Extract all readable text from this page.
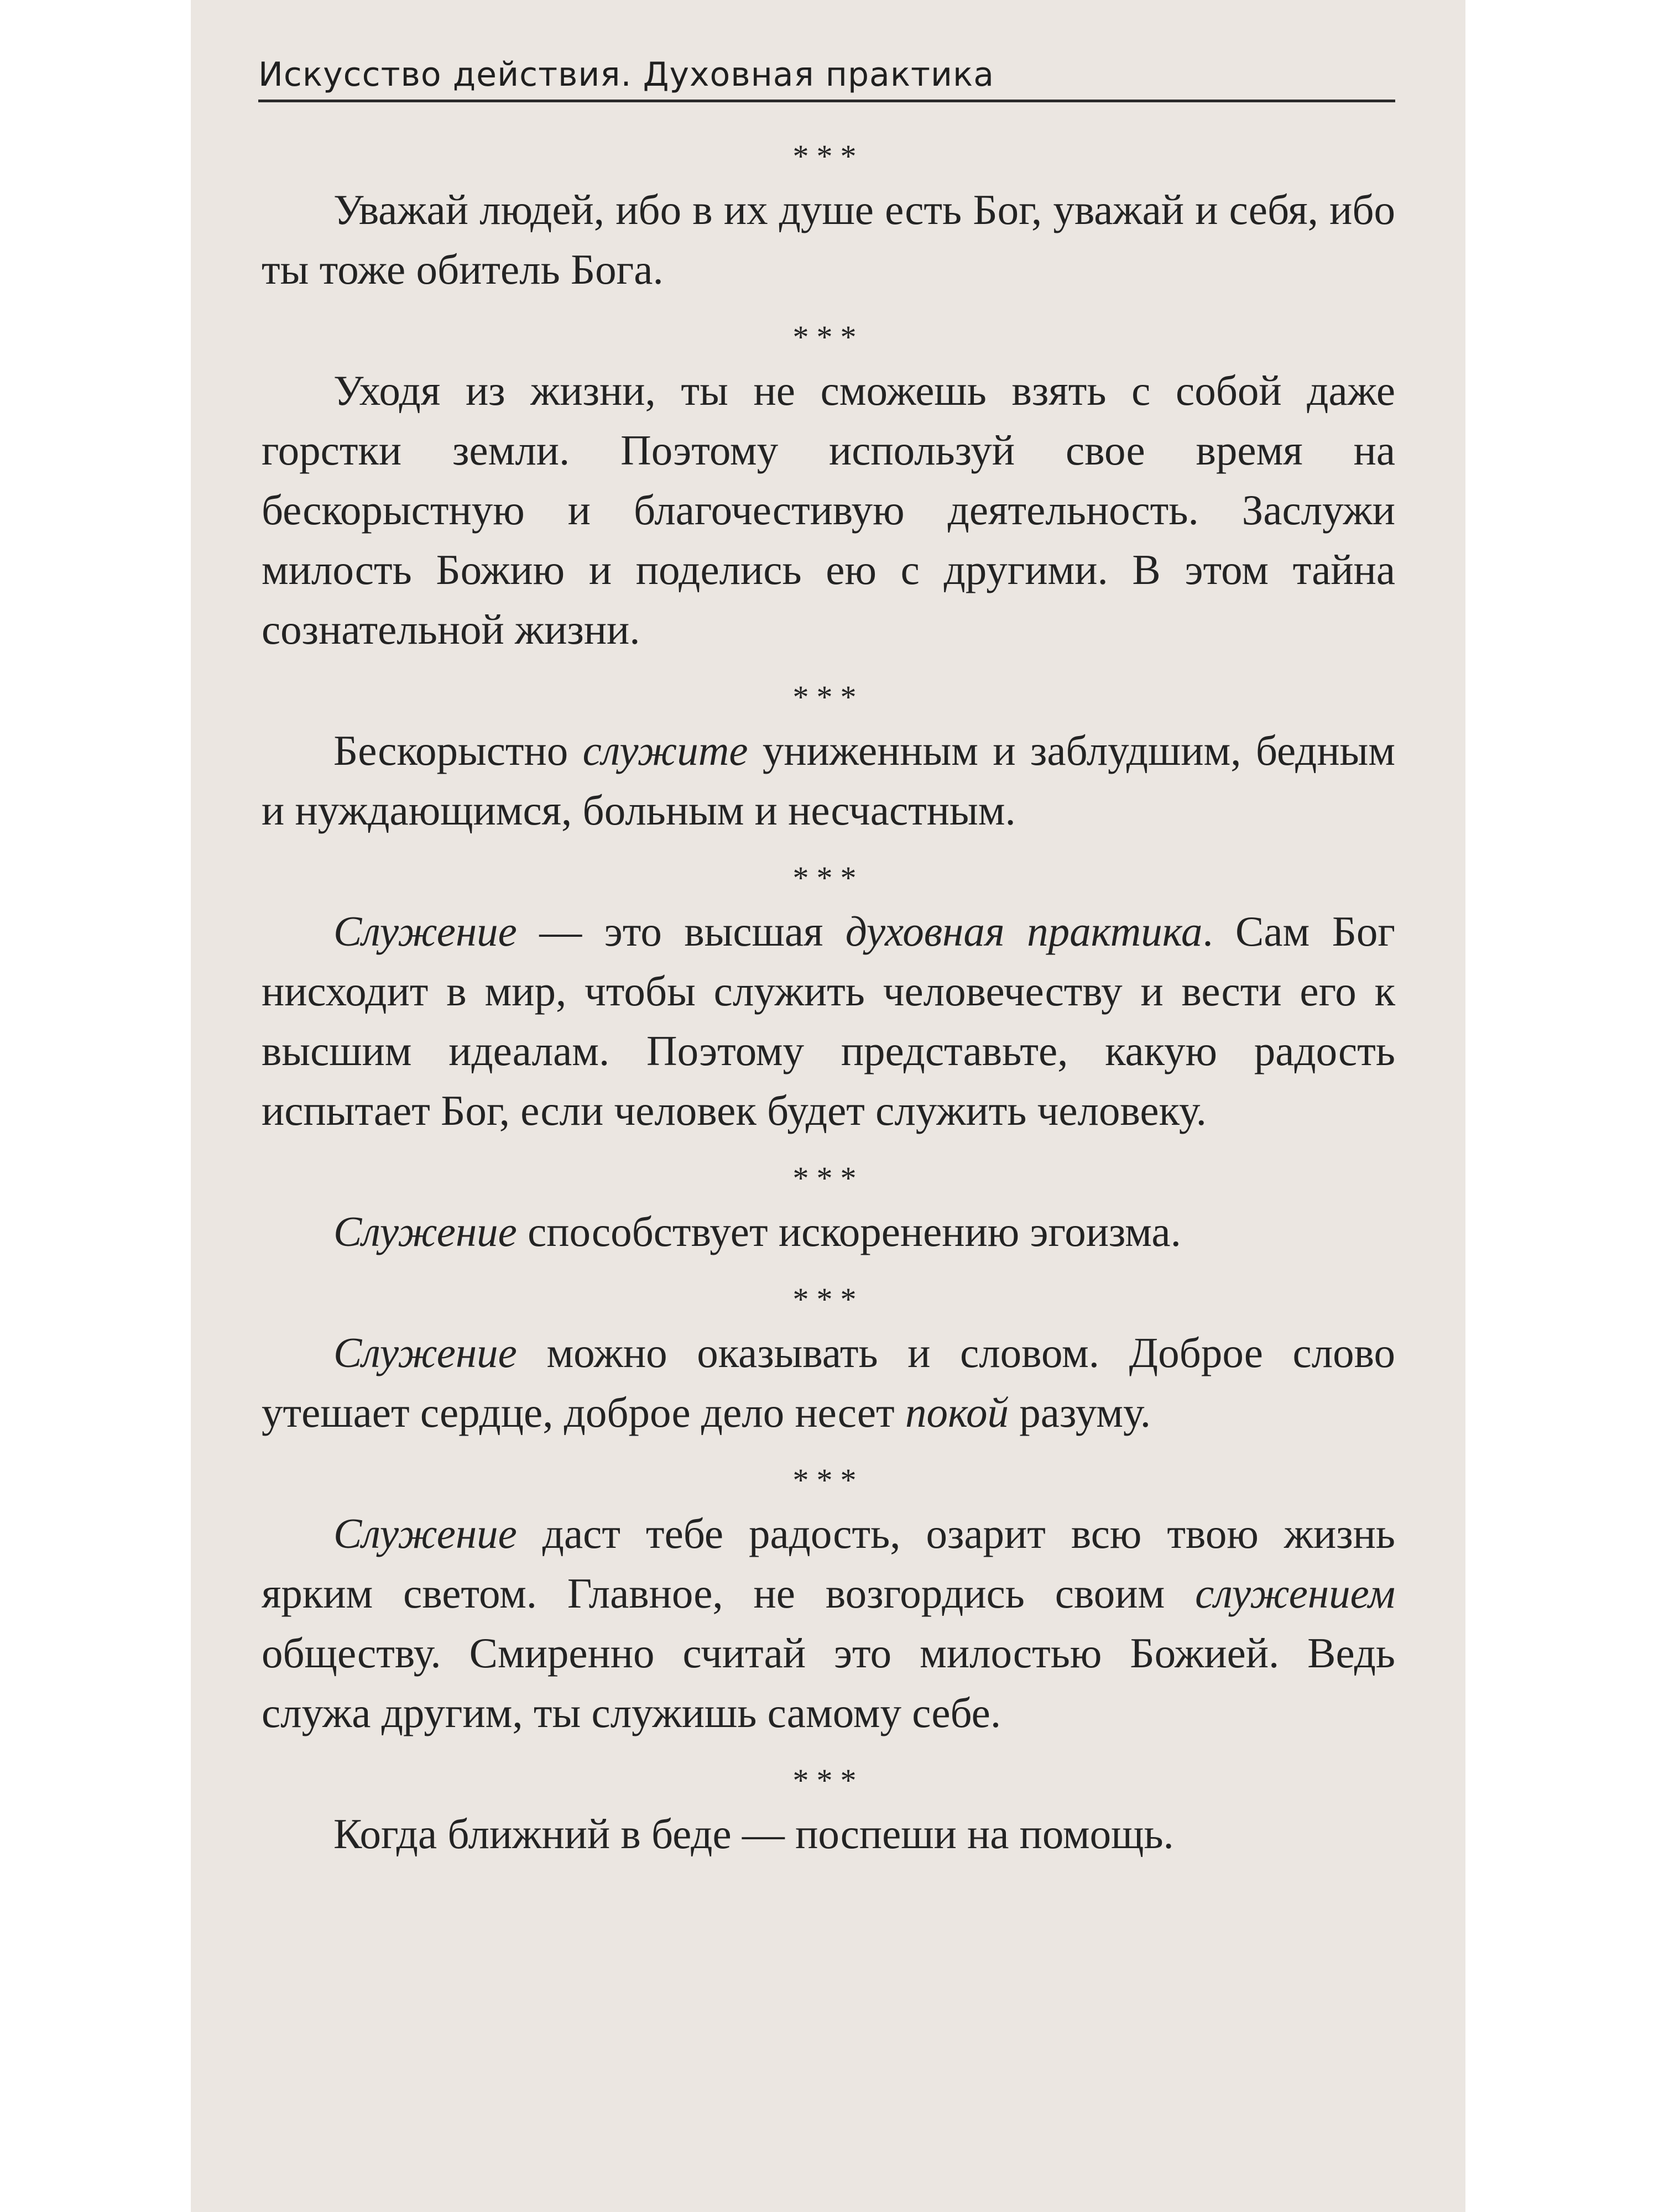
Искусство действия. Духовная практика
***

Уважай людей, ибо в их душе есть Бог, уважай и себя, ибо ты тоже обитель Бога.

***

Уходя из жизни, ты не сможешь взять с собой даже горстки земли. Поэтому используй свое время на бескорыстную и благочестивую деятельность. Заслужи милость Божию и поделись ею с другими. В этом тайна сознательной жизни.

***

Бескорыстно служите униженным и заблудшим, бедным и нуждающимся, больным и несчастным.

***

Служение — это высшая духовная практика. Сам Бог нисходит в мир, чтобы служить человечеству и вести его к высшим идеалам. Поэтому представьте, какую радость испытает Бог, если человек будет служить человеку.

***

Служение способствует искоренению эгоизма.

***

Служение можно оказывать и словом. Доброе слово утешает сердце, доброе дело несет покой разуму.

***

Служение даст тебе радость, озарит всю твою жизнь ярким светом. Главное, не возгордись своим служением обществу. Смиренно считай это милостью Божией. Ведь служа другим, ты служишь самому себе.

***

Когда ближний в беде — поспеши на помощь.
